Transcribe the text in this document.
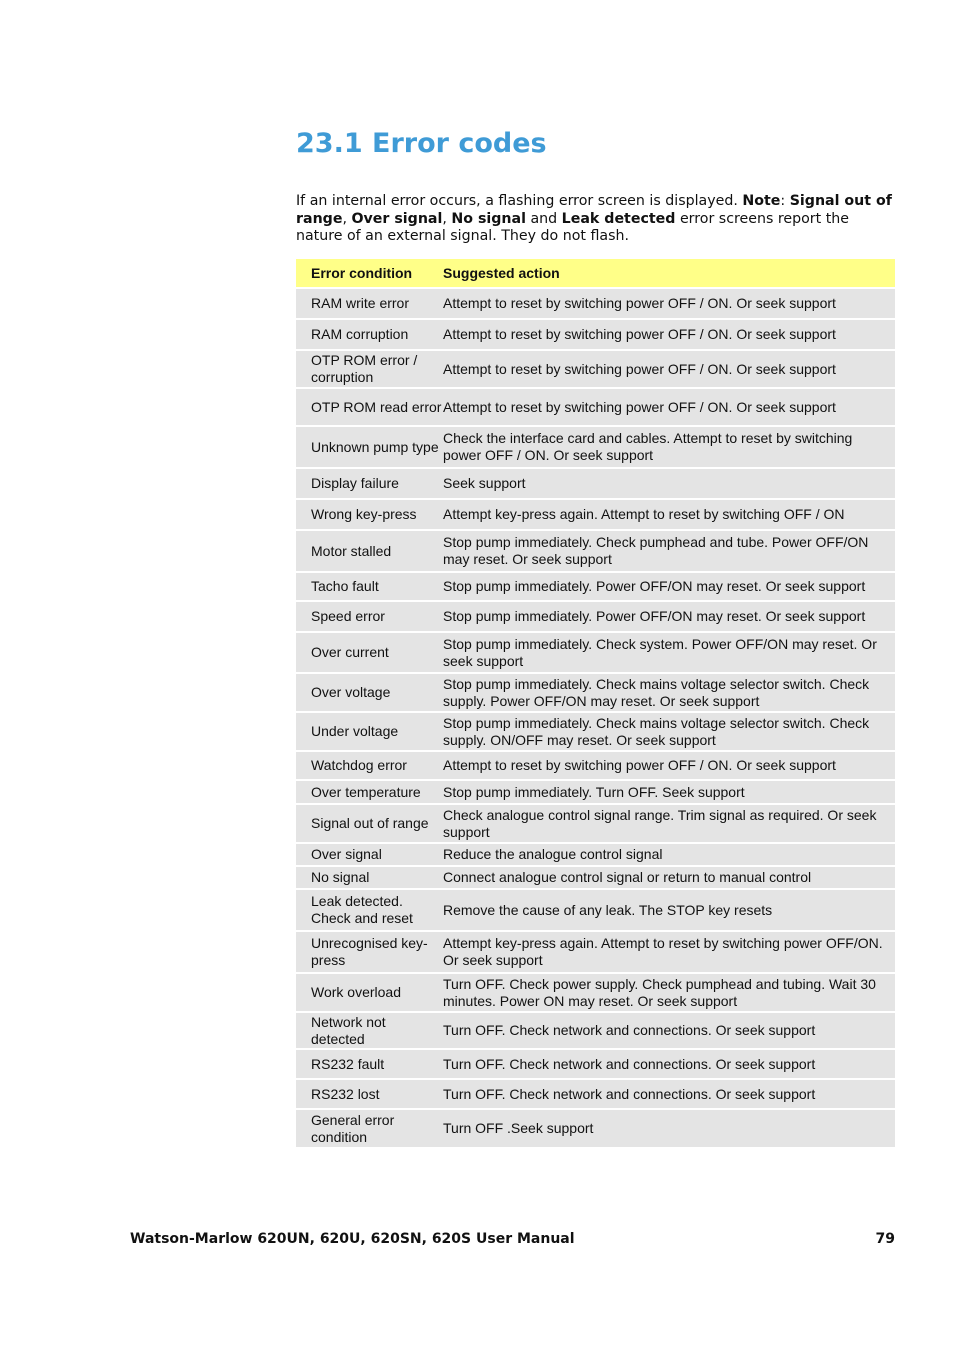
23.1 Error codes

If an internal error occurs, a flashing error screen is displayed. Note: Signal out of range, Over signal, No signal and Leak detected error screens report the nature of an external signal. They do not flash.

Error condition	Suggested action
RAM write error	Attempt to reset by switching power OFF / ON. Or seek support
RAM corruption	Attempt to reset by switching power OFF / ON. Or seek support
OTP ROM error / corruption	Attempt to reset by switching power OFF / ON. Or seek support
OTP ROM read error	Attempt to reset by switching power OFF / ON. Or seek support
Unknown pump type	Check the interface card and cables. Attempt to reset by switching power OFF / ON. Or seek support
Display failure	Seek support
Wrong key-press	Attempt key-press again. Attempt to reset by switching OFF / ON
Motor stalled	Stop pump immediately. Check pumphead and tube. Power OFF/ON may reset. Or seek support
Tacho fault	Stop pump immediately. Power OFF/ON may reset. Or seek support
Speed error	Stop pump immediately. Power OFF/ON may reset. Or seek support
Over current	Stop pump immediately. Check system. Power OFF/ON may reset. Or seek support
Over voltage	Stop pump immediately. Check mains voltage selector switch. Check supply. Power OFF/ON may reset. Or seek support
Under voltage	Stop pump immediately. Check mains voltage selector switch. Check supply. ON/OFF may reset. Or seek support
Watchdog error	Attempt to reset by switching power OFF / ON. Or seek support
Over temperature	Stop pump immediately. Turn OFF. Seek support
Signal out of range	Check analogue control signal range. Trim signal as required. Or seek support
Over signal	Reduce the analogue control signal
No signal	Connect analogue control signal or return to manual control
Leak detected. Check and reset	Remove the cause of any leak. The STOP key resets
Unrecognised key-press	Attempt key-press again. Attempt to reset by switching power OFF/ON. Or seek support
Work overload	Turn OFF. Check power supply. Check pumphead and tubing. Wait 30 minutes. Power ON may reset. Or seek support
Network not detected	Turn OFF. Check network and connections. Or seek support
RS232 fault	Turn OFF. Check network and connections. Or seek support
RS232 lost	Turn OFF. Check network and connections. Or seek support
General error condition	Turn OFF .Seek support
Watson-Marlow 620UN, 620U, 620SN, 620S User Manual	79
